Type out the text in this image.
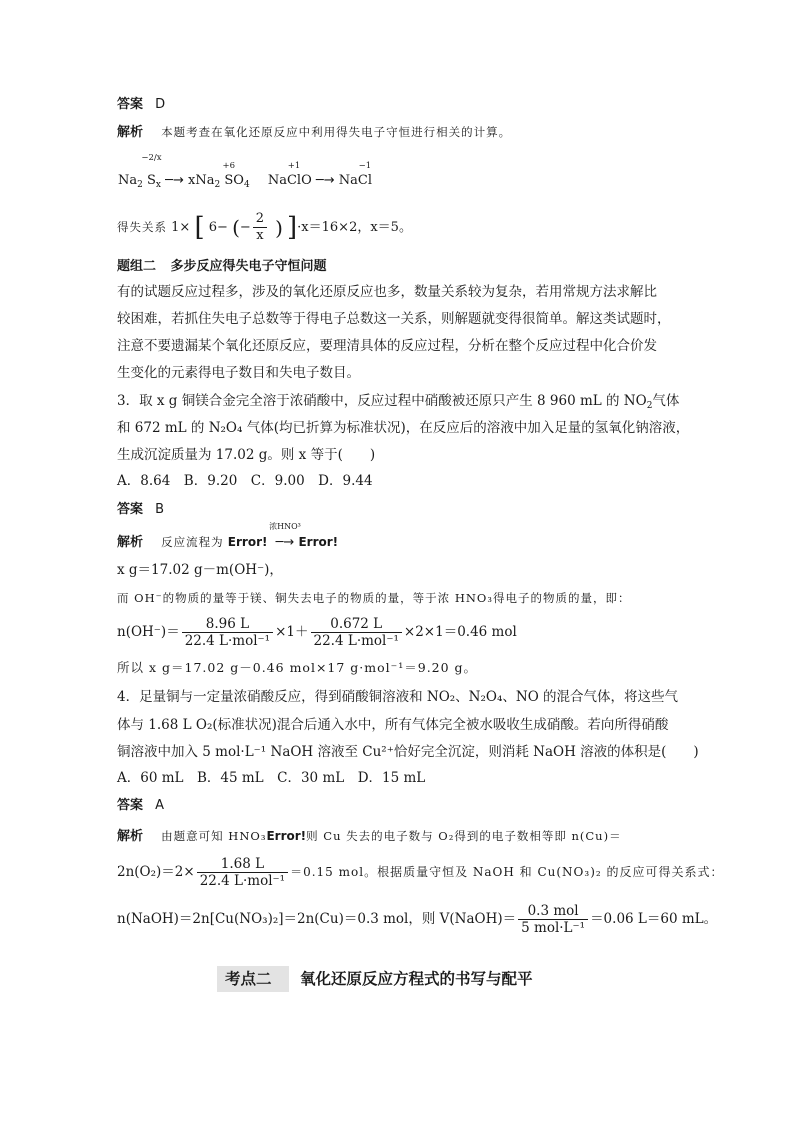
答案 D
解析 本题考查在氧化还原反应中利用得失电子守恒进行相关的计算。
$Na_2$ S
−2/x
$_x$ ─→ xNa$_2$ S
+6
$O_4$ NaCl
+1
O ─→ NaCl
−1
得失关系 1× [ 6− (− $\frac{2}{x}$ ) ]·x＝16×2，x＝5。
题组二 多步反应得失电子守恒问题
有的试题反应过程多，涉及的氧化还原反应也多，数量关系较为复杂，若用常规方法求解比
较困难，若抓住失电子总数等于得电子总数这一关系，则解题就变得很简单。解这类试题时，
注意不要遗漏某个氧化还原反应，要理清具体的反应过程，分析在整个反应过程中化合价发
生变化的元素得电子数目和失电子数目。
3．取 x g 铜镁合金完全溶于浓硝酸中，反应过程中硝酸被还原只产生 8 960 mL 的 $NO_2$气体
和 672 mL 的 N₂O₄ 气体(均已折算为标准状况)，在反应后的溶液中加入足量的氢氧化钠溶液，
生成沉淀质量为 17.02 g。则 x 等于(　　)
A．8.64　B．9.20　C．9.00　D．9.44
答案 B
解析 反应流程为 Error! ─→
浓HNO³
Error!
x g＝17.02 g－m(OH⁻)，
而 OH⁻的物质的量等于镁、铜失去电子的物质的量，等于浓 HNO₃得电子的物质的量，即：
$n(OH^-)= \frac{8.96 L}{\text{22.4 L·mol⁻¹}} \times 1+ \frac{0.672 L}{\text{22.4 L·mol⁻¹}} \times 2\times 1=0.46$ mol
所以 x g＝17.02 g－0.46 mol×17 g·mol⁻¹＝9.20 g。
4．足量铜与一定量浓硝酸反应，得到硝酸铜溶液和 NO₂、N₂O₄、NO 的混合气体，将这些气
体与 1.68 L O₂(标准状况)混合后通入水中，所有气体完全被水吸收生成硝酸。若向所得硝酸
铜溶液中加入 5 mol·L⁻¹ NaOH 溶液至 Cu²⁺恰好完全沉淀，则消耗 NaOH 溶液的体积是(　　)
A．60 mL　B．45 mL　C．30 mL　D．15 mL
答案 A
解析 由题意可知 HNO₃Error!则 Cu 失去的电子数与 O₂得到的电子数相等即 n(Cu)＝
$2n(O_2)=2\times \frac{1.68 L}{\text{22.4 L·mol⁻¹}} =0.15$ mol。根据质量守恒及 NaOH 和 Cu(NO₃)₂ 的反应可得关系式：
n(NaOH)＝2n[Cu(NO₃)₂]＝2n(Cu)＝0.3 mol，则 V(NaOH)＝ $\frac{\text{0.3 mol}}{\text{5 mol·L⁻¹}} =0.06$ L＝60 mL。
考点二 氧化还原反应方程式的书写与配平
